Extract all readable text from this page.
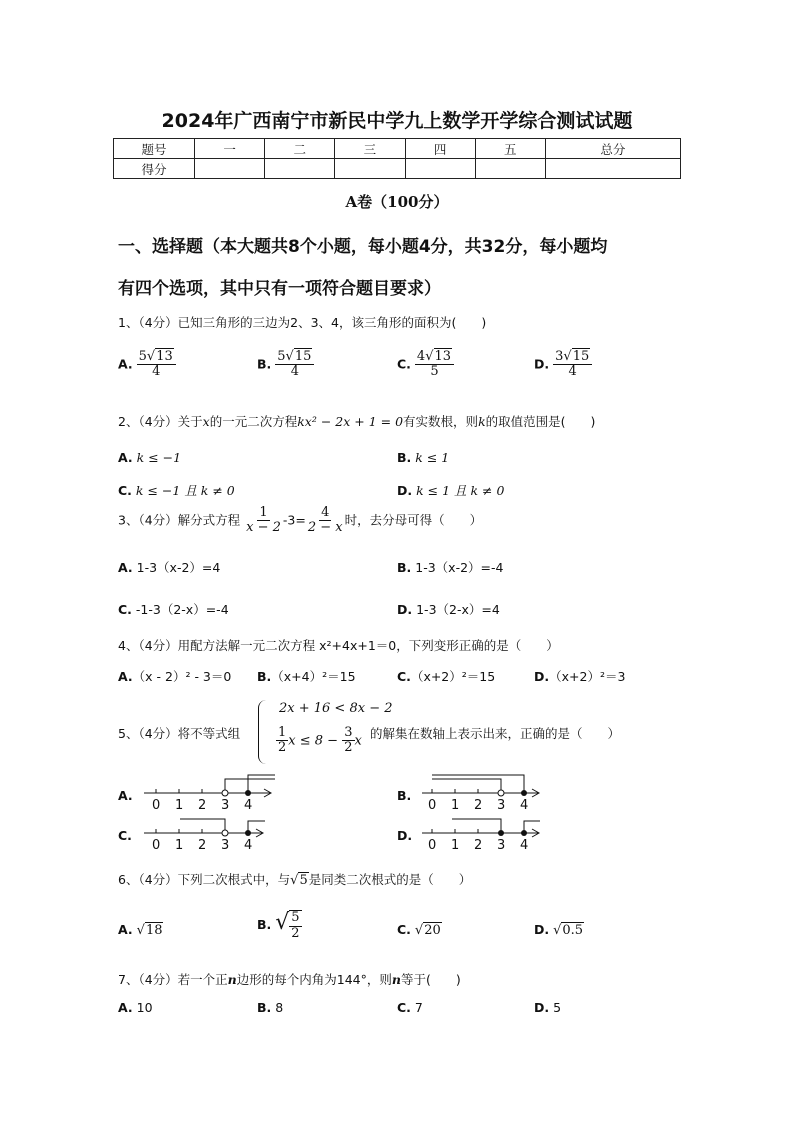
2024年广西南宁市新民中学九上数学开学综合测试试题
题号	一	二	三	四	五	总分
得分						
A卷（100分）
一、选择题（本大题共8个小题，每小题4分，共32分，每小题均
有四个选项，其中只有一项符合题目要求）
1、（4分）已知三角形的三边为2、3、4，该三角形的面积为(　　)
A. $\frac{5√13}{4}$	B. $\frac{5√15}{4}$	C. $\frac{4√13}{5}$	D. $\frac{3√15}{4}$
2、（4分）关于x的一元二次方程kx² − 2x + 1 = 0有实数根，则k的取值范围是(　　)
A. k ≤ −1	B. k ≤ 1
C. k ≤ −1 且 k ≠ 0	D. k ≤ 1 且 k ≠ 0
3、（4分）解分式方程 $\frac{1}{x - 2} -3= \frac{4}{2 - x}$ 时，去分母可得（　　）
A. 1-3（x-2）=4	B. 1-3（x-2）=-4
C. -1-3（2-x）=-4	D. 1-3（2-x）=4
4、（4分）用配方法解一元二次方程 x²+4x+1＝0，下列变形正确的是（　　）
A.（x - 2）² - 3＝0 B.（x+4）²＝15	C.（x+2）²＝15	D.（x+2）²＝3
5、（4分）将不等式组
2x + 16 < 8x − 2
$\frac{1}{2}$ $x \le 8 - \frac{3}{2}$ x 的解集在数轴上表示出来，正确的是（　　）
A.	B.
C.	D.
0 1 2 3 4	0 1 2 3 4
0 1 2 3 4	0 1 2 3 4
6、（4分）下列二次根式中，与√5是同类二次根式的是（　　）
A. √18	B. √ $\frac{5}{2}$	C. √20	D. √0.5
7、（4分）若一个正n边形的每个内角为144°，则n等于(　　)
A. 10	B. 8	C. 7	D. 5
